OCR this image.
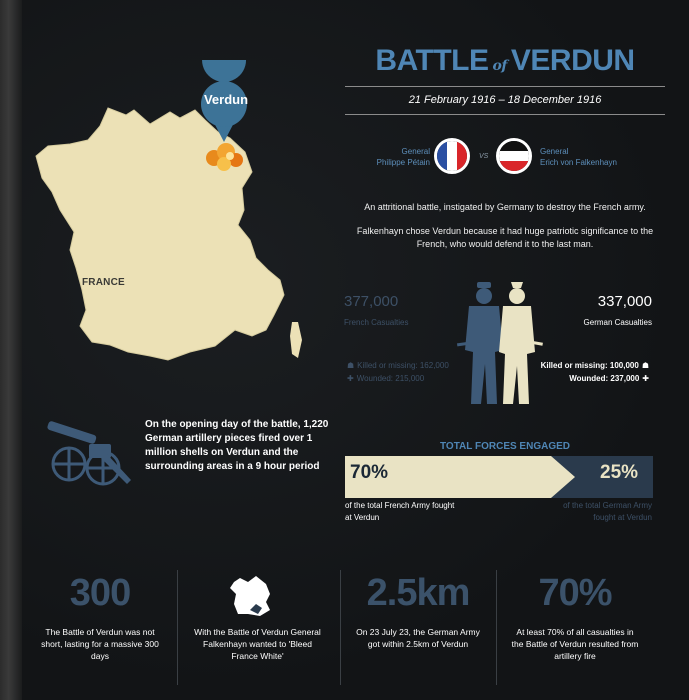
Verdun
FRANCE
BATTLE of VERDUN
21 February 1916 – 18 December 1916
General
Philippe Pétain
VS
General
Erich von Falkenhayn
An attritional battle, instigated by Germany to destroy the French army.
Falkenhayn chose Verdun because it had huge patriotic significance to the French, who would defend it to the last man.
377,000
French Casualties
337,000
German Casualties
☗ Killed or missing: 162,000
✚ Wounded: 215,000
Killed or missing: 100,000 ☗
Wounded: 237,000 ✚
On the opening day of the battle, 1,220 German artillery pieces fired over 1 million shells on Verdun and the surrounding areas in a 9 hour period
TOTAL FORCES ENGAGED
70%	25%
of the total French Army fought at Verdun
of the total German Army fought at Verdun
300
The Battle of Verdun was not short, lasting for a massive 300 days
With the Battle of Verdun General Falkenhayn wanted to 'Bleed France White'
2.5km
On 23 July 23, the German Army got within 2.5km of Verdun
70%
At least 70% of all casualties in the Battle of Verdun resulted from artillery fire
